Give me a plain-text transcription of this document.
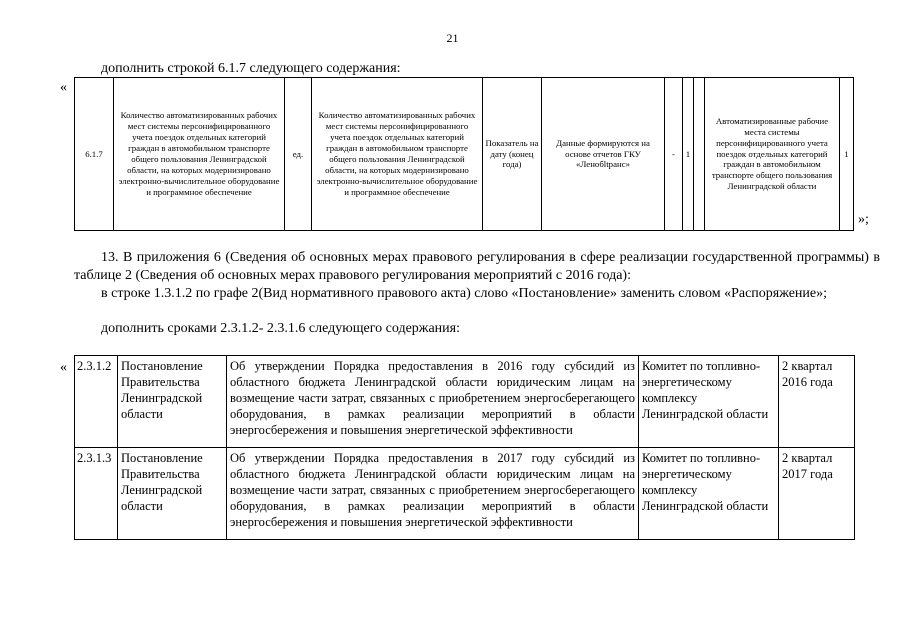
21
дополнить строкой 6.1.7 следующего содержания:
«
6.1.7	Количество автоматизированных рабочих мест системы персонифицированного учета поездок отдельных категорий граждан в автомобильном транспорте общего пользования Ленинградской области, на которых модернизировано электронно-вычислительное оборудование и программное обеспечение	ед.	Количество автоматизированных рабочих мест системы персонифицированного учета поездок отдельных категорий граждан в автомобильном транспорте общего пользования Ленинградской области, на которых модернизировано электронно-вычислительное оборудование и программное обеспечение	Показатель на дату (конец года)	Данные формируются на основе отчетов ГКУ «Ленобltранс»	-	1		Автоматизированные рабочие места системы персонифицированного учета поездок отдельных категорий граждан в автомобильном транспорте общего пользования Ленинградской области	1
»;
13. В приложения 6 (Сведения об основных мерах правового регулирования в сфере реализации государственной программы) в таблице 2 (Сведения об основных мерах правового регулирования мероприятий с 2016 года):
в строке 1.3.1.2 по графе 2(Вид нормативного правового акта) слово «Постановление» заменить словом «Распоряжение»;
дополнить сроками 2.3.1.2- 2.3.1.6 следующего содержания:
« 2.3.1.2	Постановление Правительства Ленинградской области	Об утверждении Порядка предоставления в 2016 году субсидий из областного бюджета Ленинградской области юридическим лицам на возмещение части затрат, связанных с приобретением энергосберегающего оборудования, в рамках реализации мероприятий в области энергосбережения и повышения энергетической эффективности	Комитет по топливно-энергетическому комплексу Ленинградской области	2 квартал 2016 года
2.3.1.3	Постановление Правительства Ленинградской области	Об утверждении Порядка предоставления в 2017 году субсидий из областного бюджета Ленинградской области юридическим лицам на возмещение части затрат, связанных с приобретением энергосберегающего оборудования, в рамках реализации мероприятий в области энергосбережения и повышения энергетической эффективности	Комитет по топливно-энергетическому комплексу Ленинградской области	2 квартал 2017 года
